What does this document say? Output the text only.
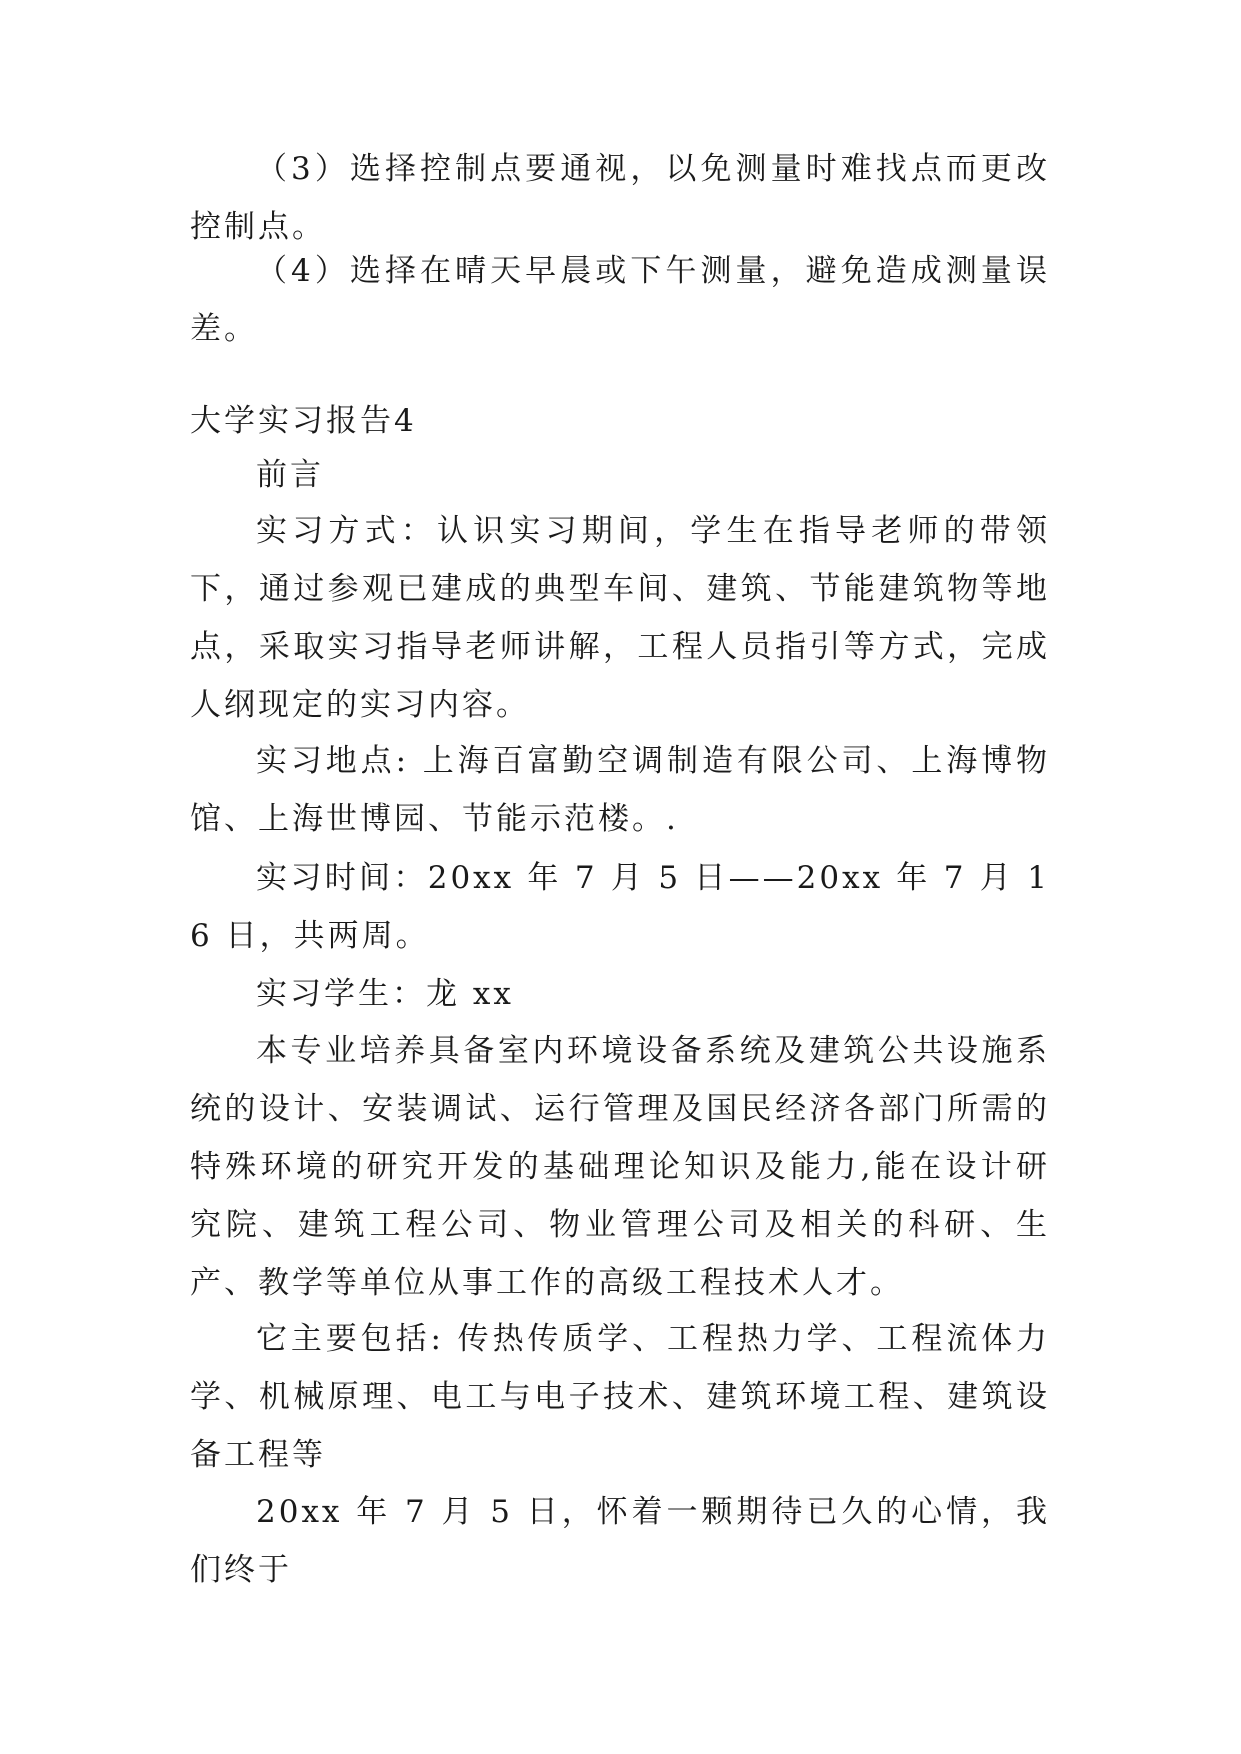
（3）选择控制点要通视，以免测量时难找点而更改控制点。

（4）选择在晴天早晨或下午测量，避免造成测量误差。

大学实习报告4

前言

实习方式：认识实习期间，学生在指导老师的带领下，通过参观已建成的典型车间、建筑、节能建筑物等地点，采取实习指导老师讲解，工程人员指引等方式，完成人纲现定的实习内容。

实习地点: 上海百富勤空调制造有限公司、上海博物馆、上海世博园、节能示范楼。.

实习时间：20xx 年 7 月 5 日——20xx 年 7 月 16 日，共两周。

实习学生：龙 xx

本专业培养具备室内环境设备系统及建筑公共设施系统的设计、安装调试、运行管理及国民经济各部门所需的特殊环境的研究开发的基础理论知识及能力,能在设计研究院、建筑工程公司、物业管理公司及相关的科研、生产、教学等单位从事工作的高级工程技术人才。

它主要包括: 传热传质学、工程热力学、工程流体力学、机械原理、电工与电子技术、建筑环境工程、建筑设备工程等

20xx 年 7 月 5 日，怀着一颗期待已久的心情，我们终于
